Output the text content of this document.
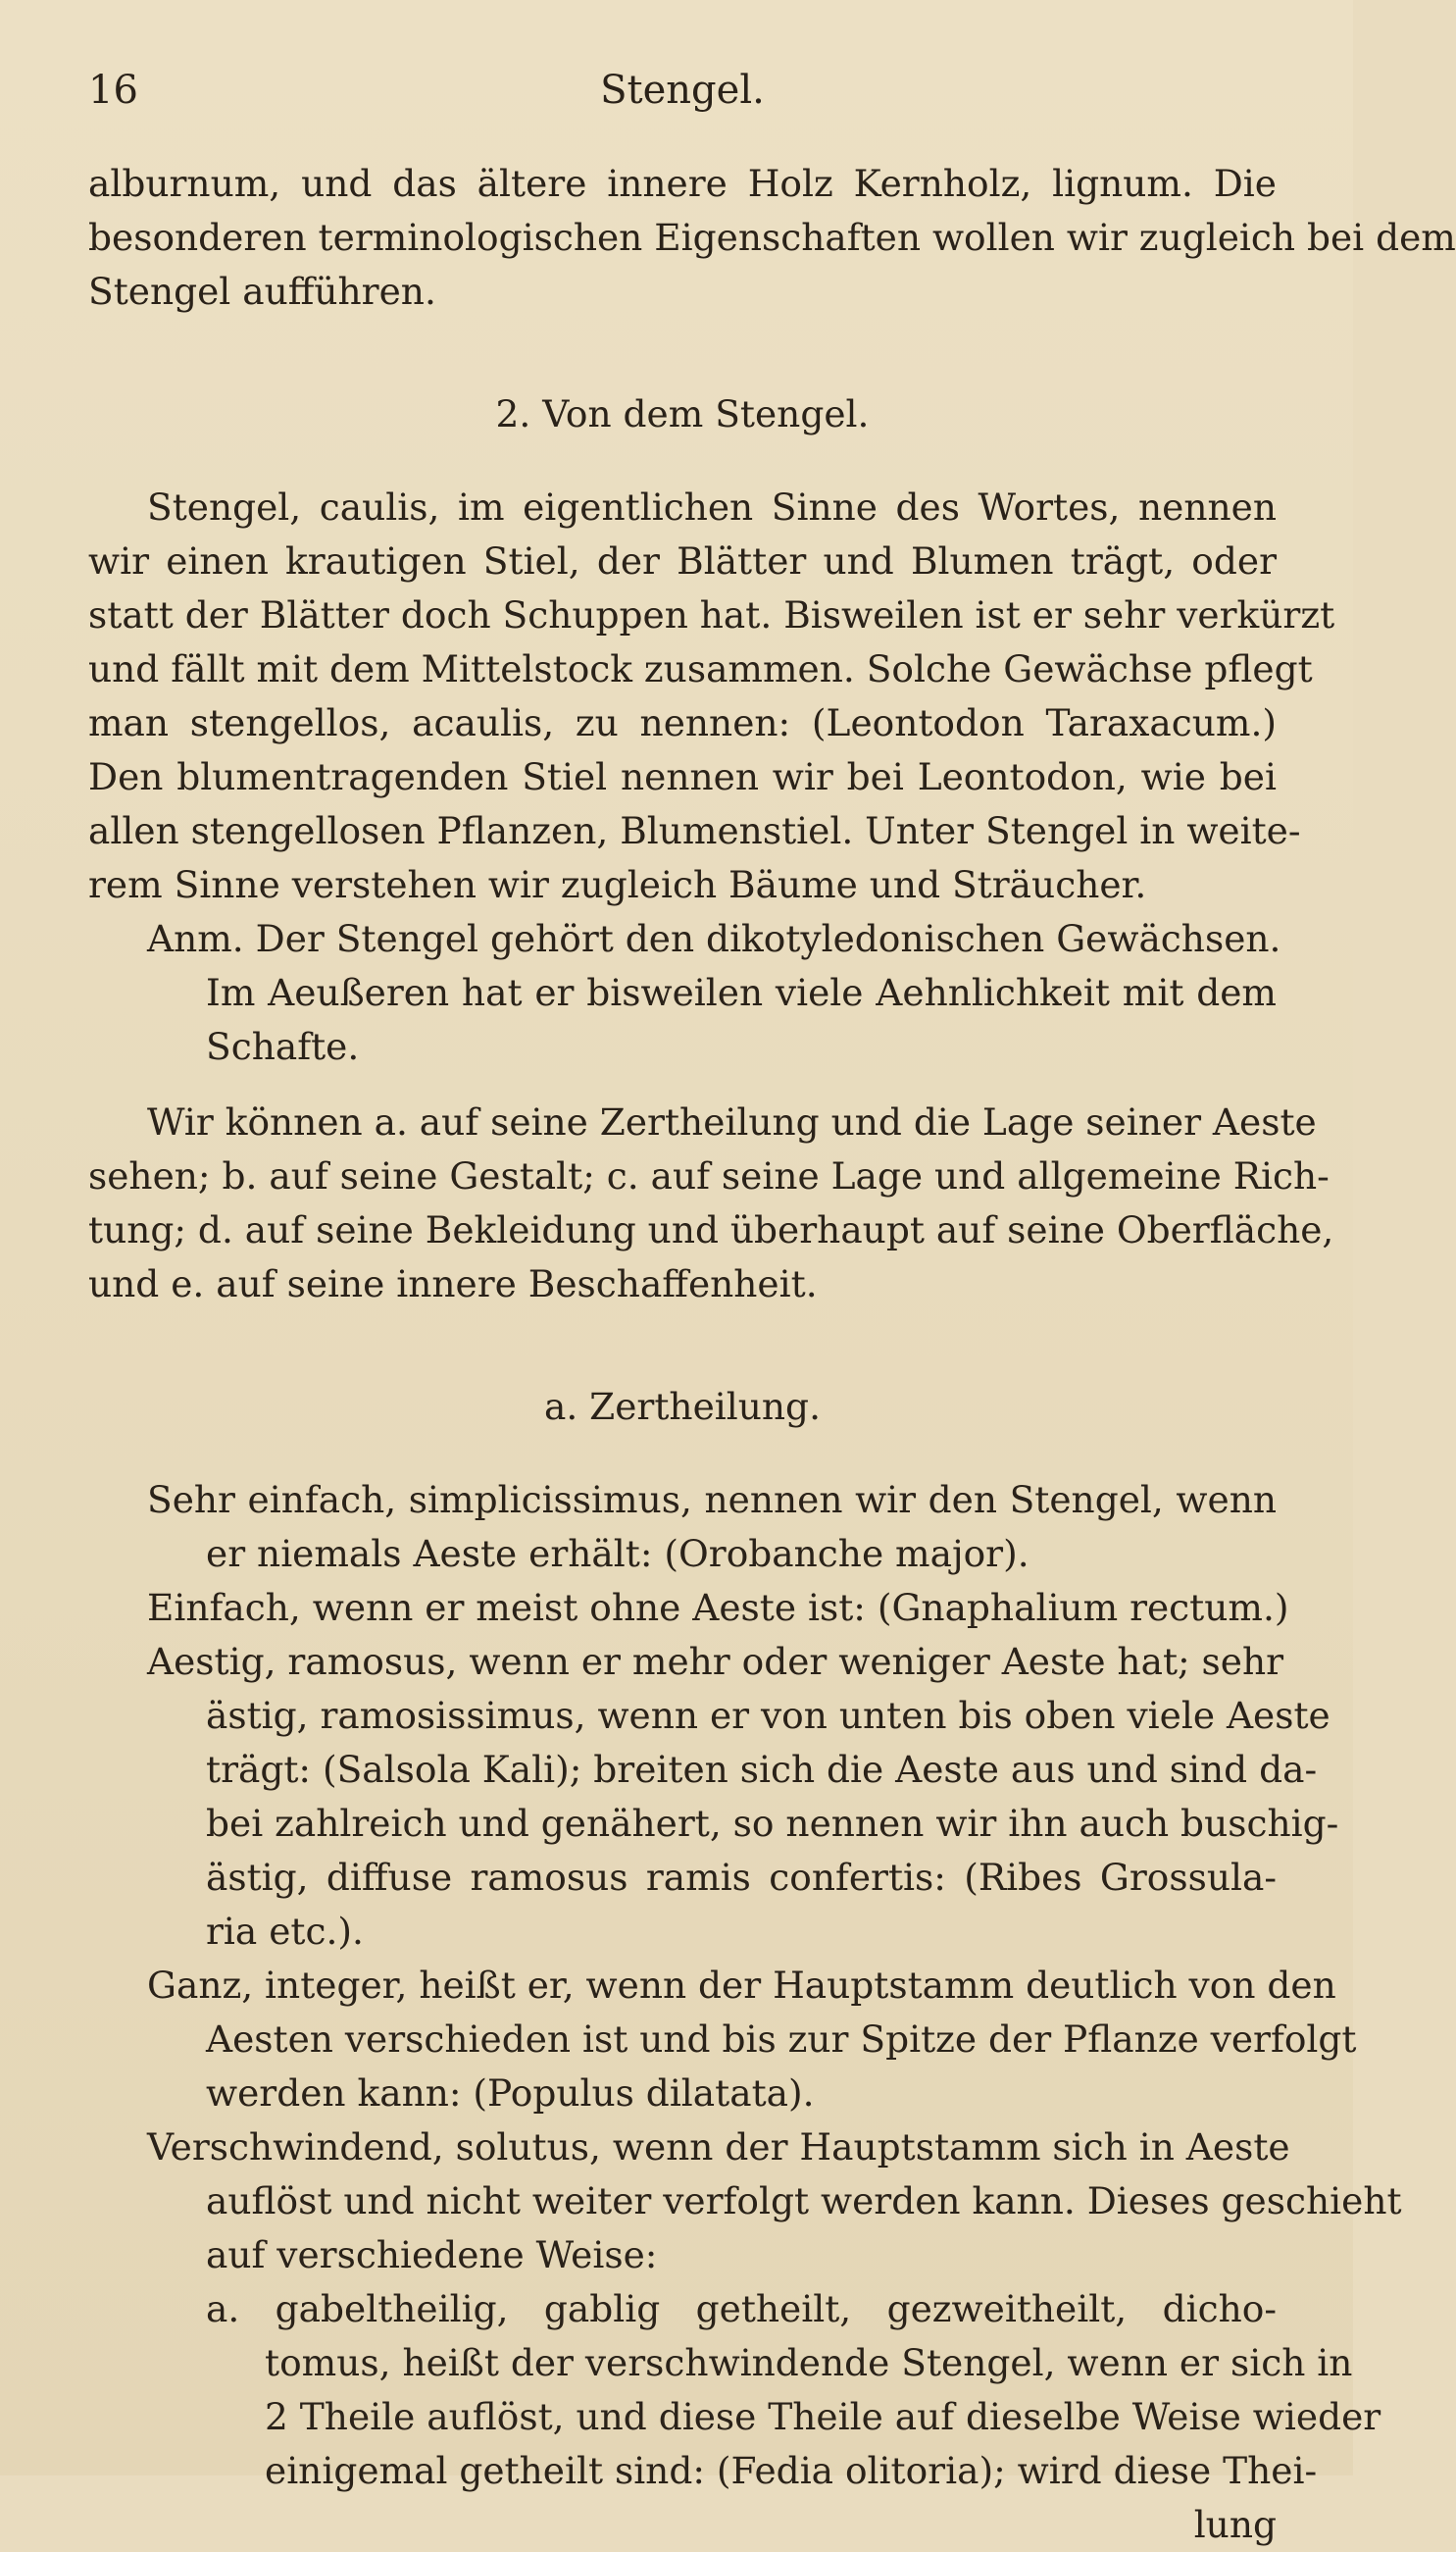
16	Stengel.
alburnum, und das ältere innere Holz Kernholz, lignum. Die
besonderen terminologischen Eigenschaften wollen wir zugleich bei dem
Stengel aufführen.
2. Von dem Stengel.
Stengel, caulis, im eigentlichen Sinne des Wortes, nennen
wir einen krautigen Stiel, der Blätter und Blumen trägt, oder
statt der Blätter doch Schuppen hat. Bisweilen ist er sehr verkürzt
und fällt mit dem Mittelstock zusammen. Solche Gewächse pflegt
man stengellos, acaulis, zu nennen: (Leontodon Taraxacum.)
Den blumentragenden Stiel nennen wir bei Leontodon, wie bei
allen stengellosen Pflanzen, Blumenstiel. Unter Stengel in weite-
rem Sinne verstehen wir zugleich Bäume und Sträucher.
Anm. Der Stengel gehört den dikotyledonischen Gewächsen.
Im Aeußeren hat er bisweilen viele Aehnlichkeit mit dem
Schafte.
Wir können a. auf seine Zertheilung und die Lage seiner Aeste
sehen; b. auf seine Gestalt; c. auf seine Lage und allgemeine Rich-
tung; d. auf seine Bekleidung und überhaupt auf seine Oberfläche,
und e. auf seine innere Beschaffenheit.
a. Zertheilung.
Sehr einfach, simplicissimus, nennen wir den Stengel, wenn
er niemals Aeste erhält: (Orobanche major).
Einfach, wenn er meist ohne Aeste ist: (Gnaphalium rectum.)
Aestig, ramosus, wenn er mehr oder weniger Aeste hat; sehr
ästig, ramosissimus, wenn er von unten bis oben viele Aeste
trägt: (Salsola Kali); breiten sich die Aeste aus und sind da-
bei zahlreich und genähert, so nennen wir ihn auch buschig-
ästig, diffuse ramosus ramis confertis: (Ribes Grossula-
ria etc.).
Ganz, integer, heißt er, wenn der Hauptstamm deutlich von den
Aesten verschieden ist und bis zur Spitze der Pflanze verfolgt
werden kann: (Populus dilatata).
Verschwindend, solutus, wenn der Hauptstamm sich in Aeste
auflöst und nicht weiter verfolgt werden kann. Dieses geschieht
auf verschiedene Weise:
a. gabeltheilig, gablig getheilt, gezweitheilt, dicho-
tomus, heißt der verschwindende Stengel, wenn er sich in
2 Theile auflöst, und diese Theile auf dieselbe Weise wieder
einigemal getheilt sind: (Fedia olitoria); wird diese Thei-
lung
